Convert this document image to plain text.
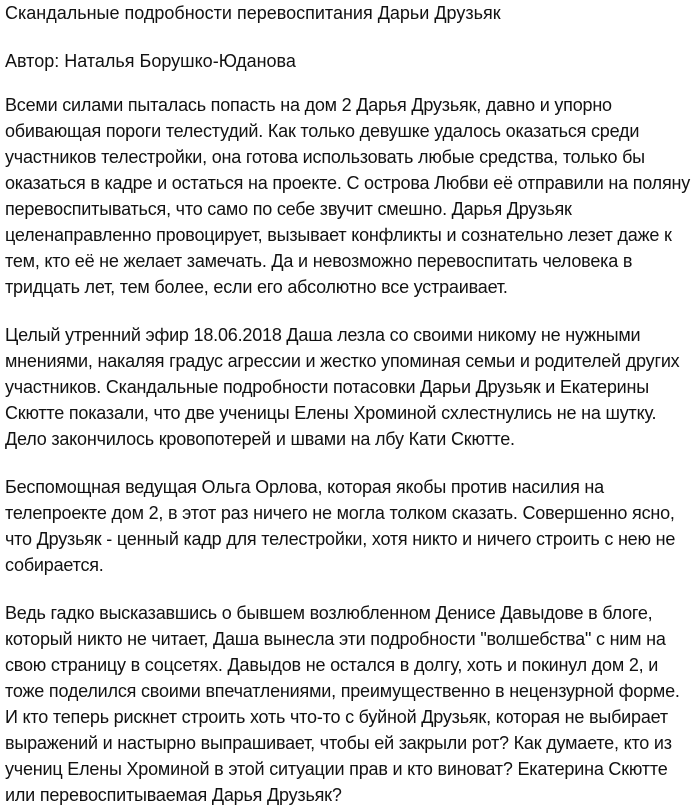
Скандальные подробности перевоспитания Дарьи Друзьяк

Автор: Наталья Борушко-Юданова

Всеми силами пыталась попасть на дом 2 Дарья Друзьяк, давно и упорно обивающая пороги телестудий. Как только девушке удалось оказаться среди участников телестройки, она готова использовать любые средства, только бы оказаться в кадре и остаться на проекте. С острова Любви её отправили на поляну перевоспитываться, что само по себе звучит смешно. Дарья Друзьяк целенаправленно провоцирует, вызывает конфликты и сознательно лезет даже к тем, кто её не желает замечать. Да и невозможно перевоспитать человека в тридцать лет, тем более, если его абсолютно все устраивает.

Целый утренний эфир 18.06.2018 Даша лезла со своими никому не нужными мнениями, накаляя градус агрессии и жестко упоминая семьи и родителей других участников. Скандальные подробности потасовки Дарьи Друзьяк и Екатерины Скютте показали, что две ученицы Елены Хроминой схлестнулись не на шутку. Дело закончилось кровопотерей и швами на лбу Кати Скютте.

Беспомощная ведущая Ольга Орлова, которая якобы против насилия на телепроекте дом 2, в этот раз ничего не могла толком сказать. Совершенно ясно, что Друзьяк - ценный кадр для телестройки, хотя никто и ничего строить с нею не собирается.

Ведь гадко высказавшись о бывшем возлюбленном Денисе Давыдове в блоге, который никто не читает, Даша вынесла эти подробности "волшебства" с ним на свою страницу в соцсетях. Давыдов не остался в долгу, хоть и покинул дом 2, и тоже поделился своими впечатлениями, преимущественно в нецензурной форме. И кто теперь рискнет строить хоть что-то с буйной Друзьяк, которая не выбирает выражений и настырно выпрашивает, чтобы ей закрыли рот? Как думаете, кто из учениц Елены Хроминой в этой ситуации прав и кто виноват? Екатерина Скютте или перевоспитываемая Дарья Друзьяк?
